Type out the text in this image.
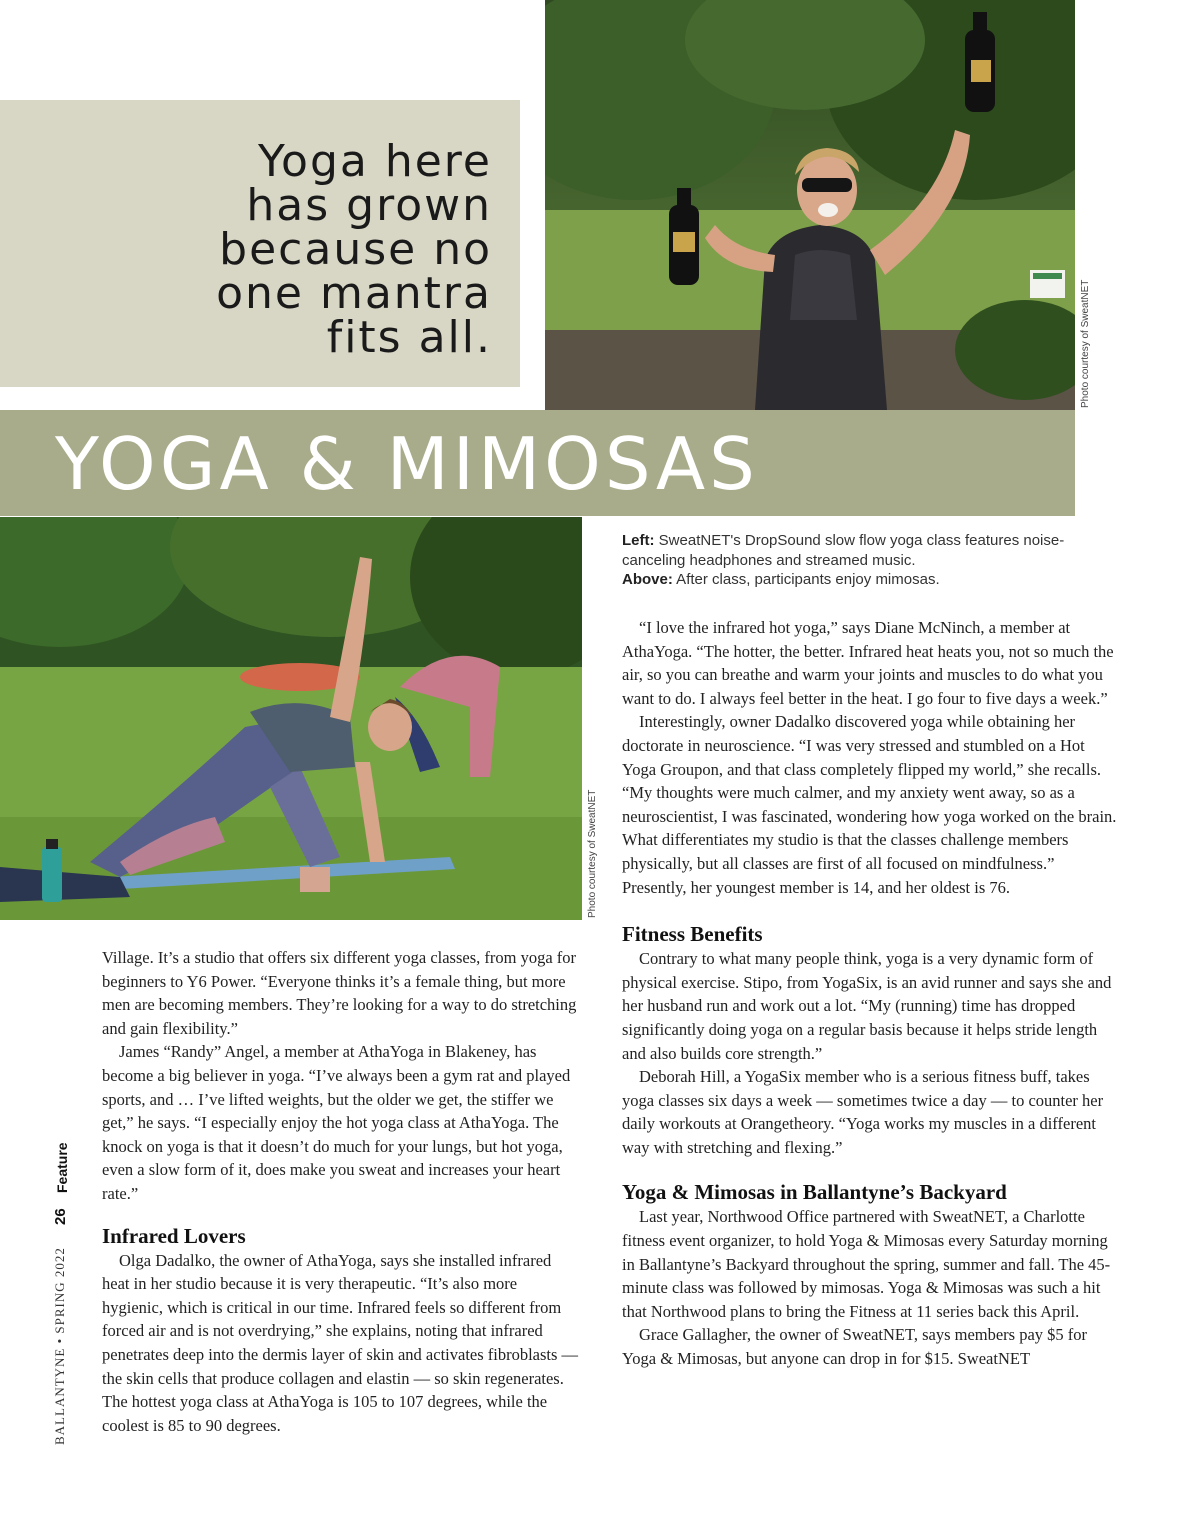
Yoga here
has grown
because no
one mantra
fits all.	Photo courtesy of SweatNET
YOGA & MIMOSAS
Photo courtesy of SweatNET
Left: SweatNET's DropSound slow flow yoga class features noise-canceling headphones and streamed music.
Above: After class, participants enjoy mimosas.

Village. It’s a studio that offers six different yoga classes, from yoga for beginners to Y6 Power. “Everyone thinks it’s a female thing, but more men are becoming members. They’re looking for a way to do stretching and gain flexibility.”

James “Randy” Angel, a member at AthaYoga in Blakeney, has become a big believer in yoga. “I’ve always been a gym rat and played sports, and … I’ve lifted weights, but the older we get, the stiffer we get,” he says. “I especially enjoy the hot yoga class at AthaYoga. The knock on yoga is that it doesn’t do much for your lungs, but hot yoga, even a slow form of it, does make you sweat and increases your heart rate.”

Infrared Lovers

Olga Dadalko, the owner of AthaYoga, says she installed infrared heat in her studio because it is very therapeutic. “It’s also more hygienic, which is critical in our time. Infrared feels so different from forced air and is not overdrying,” she explains, noting that infrared penetrates deep into the dermis layer of skin and activates fibroblasts — the skin cells that produce collagen and elastin — so skin regenerates. The hottest yoga class at AthaYoga is 105 to 107 degrees, while the coolest is 85 to 90 degrees.

“I love the infrared hot yoga,” says Diane McNinch, a member at AthaYoga. “The hotter, the better. Infrared heat heats you, not so much the air, so you can breathe and warm your joints and muscles to do what you want to do. I always feel better in the heat. I go four to five days a week.”

Interestingly, owner Dadalko discovered yoga while obtaining her doctorate in neuroscience. “I was very stressed and stumbled on a Hot Yoga Groupon, and that class completely flipped my world,” she recalls. “My thoughts were much calmer, and my anxiety went away, so as a neuroscientist, I was fascinated, wondering how yoga worked on the brain. What differentiates my studio is that the classes challenge members physically, but all classes are first of all focused on mindfulness.” Presently, her youngest member is 14, and her oldest is 76.

Fitness Benefits

Contrary to what many people think, yoga is a very dynamic form of physical exercise. Stipo, from YogaSix, is an avid runner and says she and her husband run and work out a lot. “My (running) time has dropped significantly doing yoga on a regular basis because it helps stride length and also builds core strength.”

Deborah Hill, a YogaSix member who is a serious fitness buff, takes yoga classes six days a week — sometimes twice a day — to counter her daily workouts at Orangetheory. “Yoga works my muscles in a different way with stretching and flexing.”

Yoga & Mimosas in Ballantyne’s Backyard

Last year, Northwood Office partnered with SweatNET, a Charlotte fitness event organizer, to hold Yoga & Mimosas every Saturday morning in Ballantyne’s Backyard throughout the spring, summer and fall. The 45-minute class was followed by mimosas. Yoga & Mimosas was such a hit that Northwood plans to bring the Fitness at 11 series back this April.

Grace Gallagher, the owner of SweatNET, says members pay $5 for Yoga & Mimosas, but anyone can drop in for $15. SweatNET

BALLANTYNE • SPRING 2022
26
Feature
